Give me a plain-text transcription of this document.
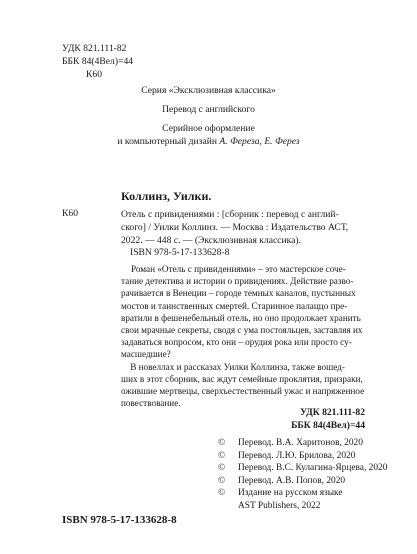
УДК 821.111-82
ББК 84(4Вел)=44
К60
Серия «Эксклюзивная классика»
Перевод с английского
Серийное оформление
и компьютерный дизайн А. Фереза, Е. Ферез
Коллинз, Уилки.
К60	Отель с привидениями : [сборник : перевод с англий-
ского] / Уилки Коллинз. — Москва : Издательство АСТ,
2022. — 448 с. — (Эксклюзивная классика).
ISBN 978-5-17-133628-8
Роман «Отель с привидениями» – это мастерское соче-
тание детектива и истории о привидениях. Действие разво-
рачивается в Венеции – городе темных каналов, пустынных
мостов и таинственных смертей. Старинное палаццо пре-
вратили в фешенебельный отель, но оно продолжает хранить
свои мрачные секреты, сводя с ума постояльцев, заставляя их
задаваться вопросом, кто они – орудия рока или просто су-
масшедшие?
В новеллах и рассказах Уилки Коллинза, также вошед-
ших в этот сборник, вас ждут семейные проклятия, призраки,
ожившие мертвецы, сверхъестественный ужас и напряженное
повествование.
УДК 821.111-82
ББК 84(4Вел)=44
©	Перевод. В.А. Харитонов, 2020
©	Перевод. Л.Ю. Брилова, 2020
©	Перевод. В.С. Кулагина-Ярцева, 2020
©	Перевод. А.В. Попов, 2020
©	Издание на русском языке
AST Publishers, 2022
ISBN 978-5-17-133628-8
